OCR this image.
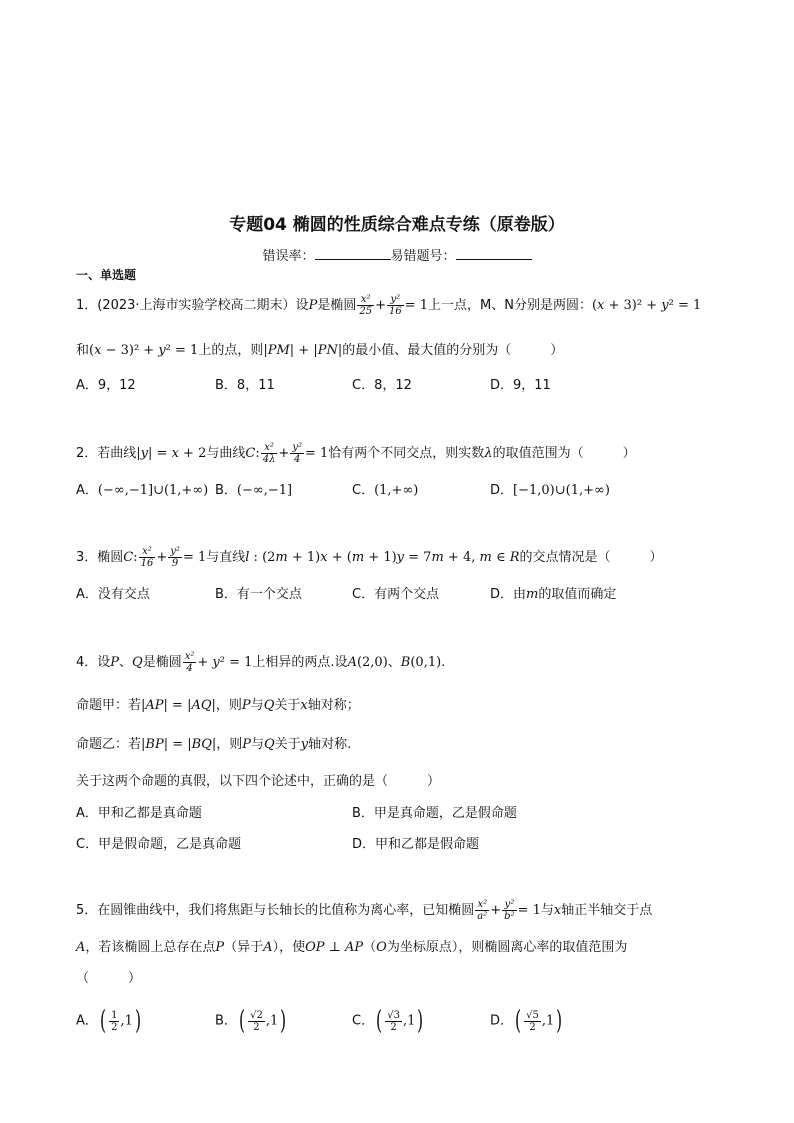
专题04 椭圆的性质综合难点专练（原卷版）
错误率：	易错题号：
一、单选题
1．(2023·上海市实验学校高二期末）设P是椭圆 $\frac{\text{x²}}{25} + \frac{\text{y²}}{16} = 1$上一点，M、N分别是两圆：(x + 3)² + y² = 1
和(x − 3)² + y² = 1上的点，则|PM| + |PN|的最小值、最大值的分别为（　　　）
A．9，12	B．8，11	C．8，12	D．9，11
2．若曲线|y| = x + 2与曲线C: $\frac{\text{x²}}{4\lambda} + \frac{\text{y²}}{4} = 1$恰有两个不同交点，则实数λ的取值范围为（　　　）
A．(−∞,−1]∪(1,+∞) B．(−∞,−1]	C．(1,+∞)	D．[−1,0)∪(1,+∞)
3．椭圆C: $\frac{\text{x²}}{16} + \frac{\text{y²}}{9} = 1$与直线l : (2m + 1)x + (m + 1)y = 7m + 4, m ∈ R的交点情况是（　　　）
A．没有交点	B．有一个交点	C．有两个交点	D．由m的取值而确定
4．设P、Q是椭圆 $\frac{\text{x²}}{4} + y^2 = 1$上相异的两点.设A(2,0)、B(0,1).
命题甲：若|AP| = |AQ|，则P与Q关于x轴对称；
命题乙：若|BP| = |BQ|，则P与Q关于y轴对称.
关于这两个命题的真假，以下四个论述中，正确的是（　　　）
A．甲和乙都是真命题	B．甲是真命题，乙是假命题
C．甲是假命题，乙是真命题	D．甲和乙都是假命题
5．在圆锥曲线中，我们将焦距与长轴长的比值称为离心率，已知椭圆 $\frac{\text{x²}}{\text{a²}} + \frac{\text{y²}}{\text{b²}} = 1$与x轴正半轴交于点
A，若该椭圆上总存在点P（异于A），使OP ⊥ AP（O为坐标原点），则椭圆离心率的取值范围为
（　　　）
A．( $\frac{1}{2} ,1$)	B．( $\frac{√2}{2} ,1$)	C．( $\frac{√3}{2} ,1$)	D．( $\frac{√5}{2} ,1$)
